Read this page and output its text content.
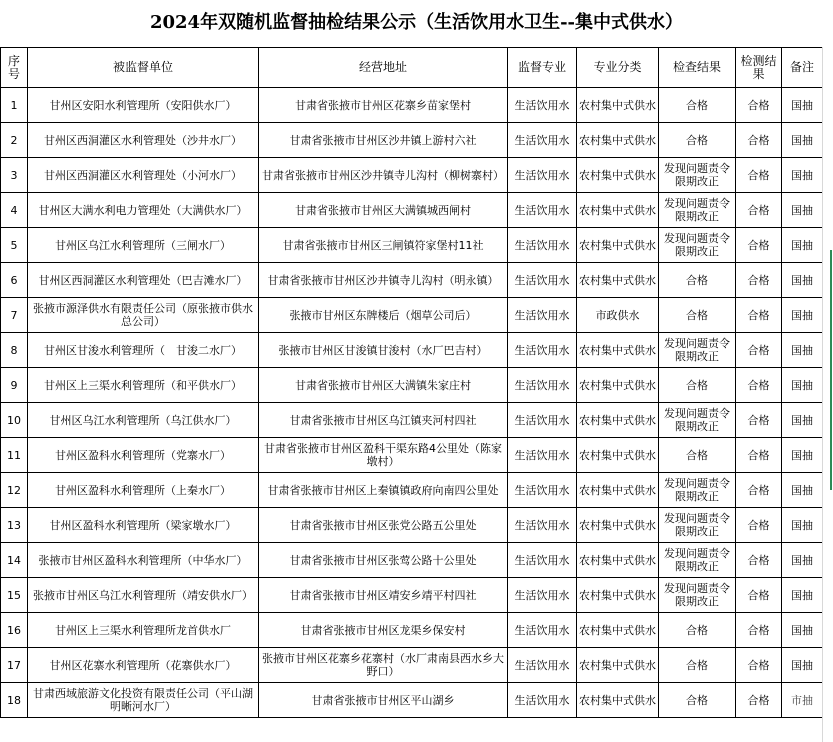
2024年双随机监督抽检结果公示（生活饮用水卫生--集中式供水）
序号	被监督单位	经营地址	监督专业	专业分类	检查结果	检测结果	备注
1	甘州区安阳水利管理所（安阳供水厂）	甘肃省张掖市甘州区花寨乡苗家堡村	生活饮用水	农村集中式供水	合格	合格	国抽
2	甘州区西洞灌区水利管理处（沙井水厂）	甘肃省张掖市甘州区沙井镇上游村六社	生活饮用水	农村集中式供水	合格	合格	国抽
3	甘州区西洞灌区水利管理处（小河水厂）	甘肃省张掖市甘州区沙井镇寺儿沟村（柳树寨村）	生活饮用水	农村集中式供水	发现问题责令限期改正	合格	国抽
4	甘州区大满水利电力管理处（大满供水厂）	甘肃省张掖市甘州区大满镇城西闸村	生活饮用水	农村集中式供水	发现问题责令限期改正	合格	国抽
5	甘州区乌江水利管理所（三闸水厂）	甘肃省张掖市甘州区三闸镇符家堡村11社	生活饮用水	农村集中式供水	发现问题责令限期改正	合格	国抽
6	甘州区西洞灌区水利管理处（巴吉滩水厂）	甘肃省张掖市甘州区沙井镇寺儿沟村（明永镇）	生活饮用水	农村集中式供水	合格	合格	国抽
7	张掖市源泽供水有限责任公司（原张掖市供水总公司）	张掖市甘州区东牌楼后（烟草公司后）	生活饮用水	市政供水	合格	合格	国抽
8	甘州区甘浚水利管理所（　甘浚二水厂）	张掖市甘州区甘浚镇甘浚村（水厂巴吉村）	生活饮用水	农村集中式供水	发现问题责令限期改正	合格	国抽
9	甘州区上三渠水利管理所（和平供水厂）	甘肃省张掖市甘州区大满镇朱家庄村	生活饮用水	农村集中式供水	合格	合格	国抽
10	甘州区乌江水利管理所（乌江供水厂）	甘肃省张掖市甘州区乌江镇夹河村四社	生活饮用水	农村集中式供水	发现问题责令限期改正	合格	国抽
11	甘州区盈科水利管理所（党寨水厂）	甘肃省张掖市甘州区盈科干渠东路4公里处（陈家墩村）	生活饮用水	农村集中式供水	合格	合格	国抽
12	甘州区盈科水利管理所（上秦水厂）	甘肃省张掖市甘州区上秦镇镇政府向南四公里处	生活饮用水	农村集中式供水	发现问题责令限期改正	合格	国抽
13	甘州区盈科水利管理所（梁家墩水厂）	甘肃省张掖市甘州区张党公路五公里处	生活饮用水	农村集中式供水	发现问题责令限期改正	合格	国抽
14	张掖市甘州区盈科水利管理所（中华水厂）	甘肃省张掖市甘州区张莺公路十公里处	生活饮用水	农村集中式供水	发现问题责令限期改正	合格	国抽
15	张掖市甘州区乌江水利管理所（靖安供水厂）	甘肃省张掖市甘州区靖安乡靖平村四社	生活饮用水	农村集中式供水	发现问题责令限期改正	合格	国抽
16	甘州区上三渠水利管理所龙首供水厂	甘肃省张掖市甘州区龙渠乡保安村	生活饮用水	农村集中式供水	合格	合格	国抽
17	甘州区花寨水利管理所（花寨供水厂）	张掖市甘州区花寨乡花寨村（水厂肃南县西水乡大野口）	生活饮用水	农村集中式供水	合格	合格	国抽
18	甘肃西域旅游文化投资有限责任公司（平山湖明晰河水厂）	甘肃省张掖市甘州区平山湖乡	生活饮用水	农村集中式供水	合格	合格	市抽
